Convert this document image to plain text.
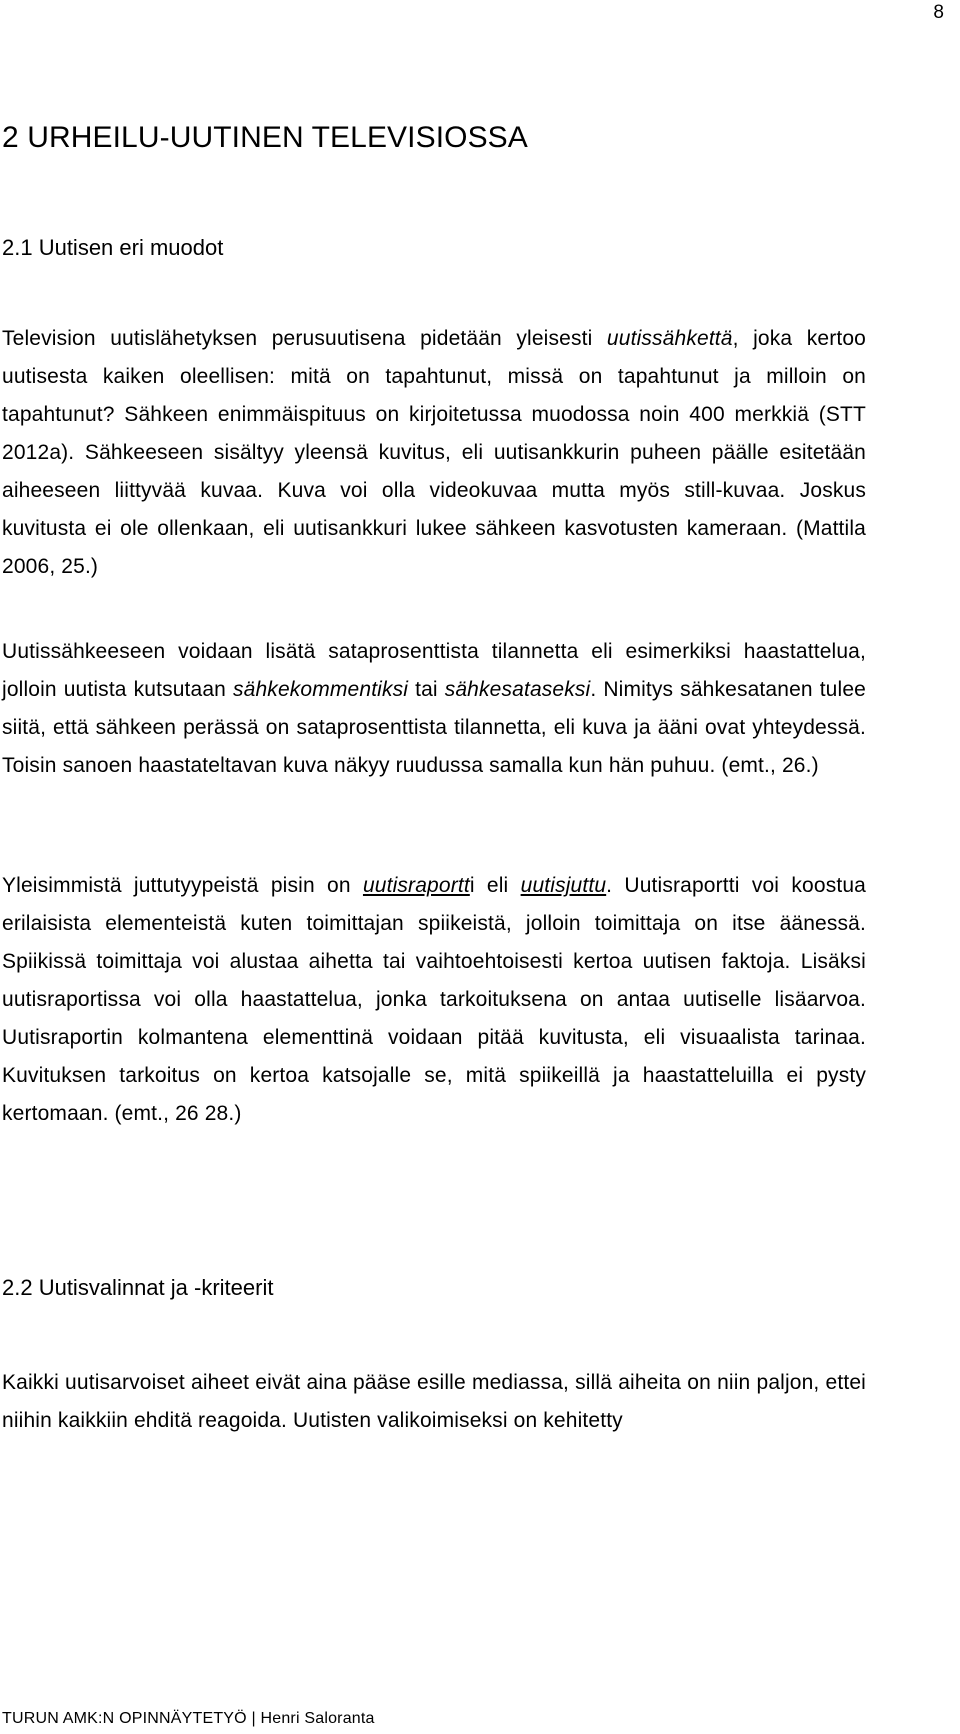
8
2 URHEILU-UUTINEN TELEVISIOSSA
2.1 Uutisen eri muodot
Television uutislähetyksen perusuutisena pidetään yleisesti uutissähkettä, joka kertoo uutisesta kaiken oleellisen: mitä on tapahtunut, missä on tapahtunut ja milloin on tapahtunut? Sähkeen enimmäispituus on kirjoitetussa muodossa noin 400 merkkiä (STT 2012a). Sähkeeseen sisältyy yleensä kuvitus, eli uutisankkurin puheen päälle esitetään aiheeseen liittyvää kuvaa. Kuva voi olla videokuvaa mutta myös still-kuvaa. Joskus kuvitusta ei ole ollenkaan, eli uutisankkuri lukee sähkeen kasvotusten kameraan. (Mattila 2006, 25.)
Uutissähkeeseen voidaan lisätä sataprosenttista tilannetta eli esimerkiksi haastattelua, jolloin uutista kutsutaan sähkekommentiksi tai sähkesataseksi. Nimitys sähkesatanen tulee siitä, että sähkeen perässä on sataprosenttista tilannetta, eli kuva ja ääni ovat yhteydessä. Toisin sanoen haastateltavan kuva näkyy ruudussa samalla kun hän puhuu. (emt., 26.)
Yleisimmistä juttutyypeistä pisin on uutisraportti eli uutisjuttu. Uutisraportti voi koostua erilaisista elementeistä kuten toimittajan spiikeistä, jolloin toimittaja on itse äänessä. Spiikissä toimittaja voi alustaa aihetta tai vaihtoehtoisesti kertoa uutisen faktoja. Lisäksi uutisraportissa voi olla haastattelua, jonka tarkoituksena on antaa uutiselle lisäarvoa. Uutisraportin kolmantena elementtinä voidaan pitää kuvitusta, eli visuaalista tarinaa. Kuvituksen tarkoitus on kertoa katsojalle se, mitä spiikeillä ja haastatteluilla ei pysty kertomaan. (emt., 26 28.)
2.2 Uutisvalinnat ja -kriteerit
Kaikki uutisarvoiset aiheet eivät aina pääse esille mediassa, sillä aiheita on niin paljon, ettei niihin kaikkiin ehditä reagoida. Uutisten valikoimiseksi on kehitetty
TURUN AMK:N OPINNÄYTETYÖ | Henri Saloranta
